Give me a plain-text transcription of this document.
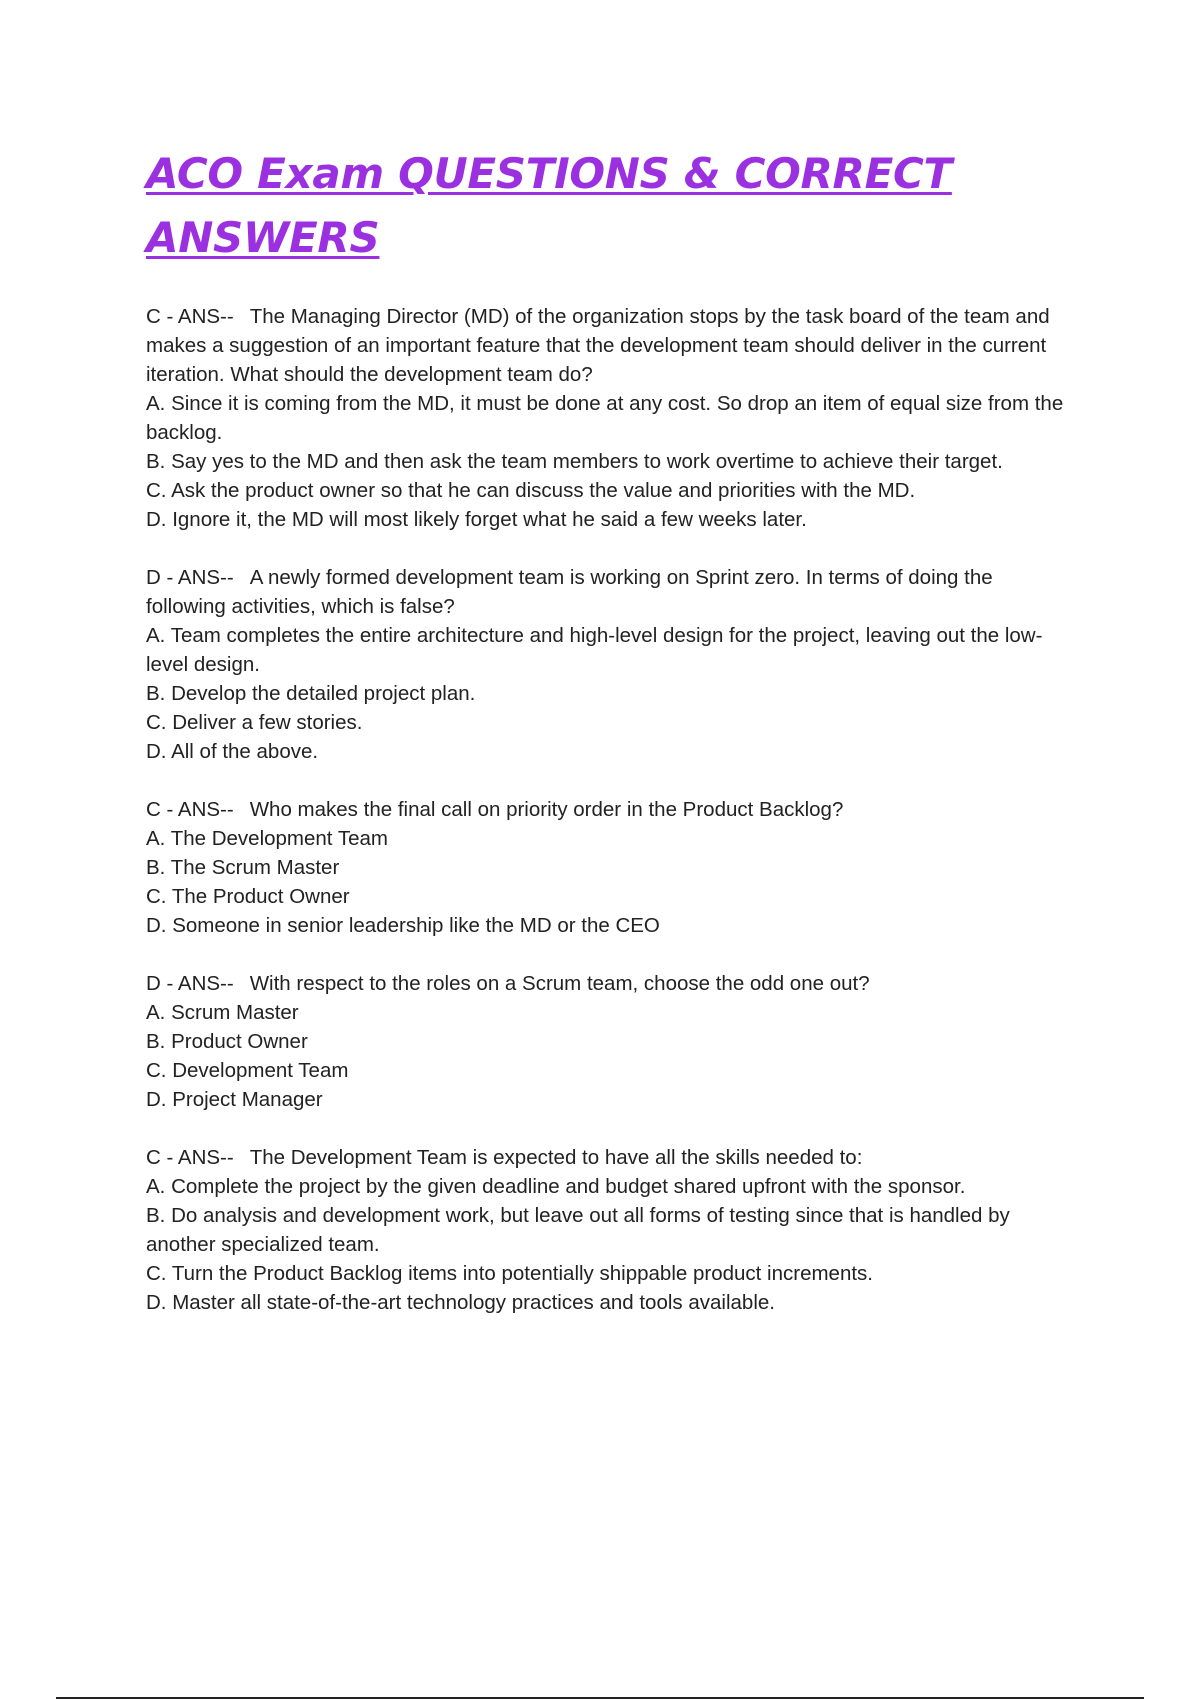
ACO Exam QUESTIONS & CORRECT ANSWERS

C - ANS-- The Managing Director (MD) of the organization stops by the task board of the team and makes a suggestion of an important feature that the development team should deliver in the current iteration. What should the development team do?

A. Since it is coming from the MD, it must be done at any cost. So drop an item of equal size from the backlog.

B. Say yes to the MD and then ask the team members to work overtime to achieve their target.

C. Ask the product owner so that he can discuss the value and priorities with the MD.

D. Ignore it, the MD will most likely forget what he said a few weeks later.

D - ANS-- A newly formed development team is working on Sprint zero. In terms of doing the following activities, which is false?

A. Team completes the entire architecture and high-level design for the project, leaving out the low-level design.

B. Develop the detailed project plan.

C. Deliver a few stories.

D. All of the above.

C - ANS-- Who makes the final call on priority order in the Product Backlog?

A. The Development Team

B. The Scrum Master

C. The Product Owner

D. Someone in senior leadership like the MD or the CEO

D - ANS-- With respect to the roles on a Scrum team, choose the odd one out?

A. Scrum Master

B. Product Owner

C. Development Team

D. Project Manager

C - ANS-- The Development Team is expected to have all the skills needed to:

A. Complete the project by the given deadline and budget shared upfront with the sponsor.

B. Do analysis and development work, but leave out all forms of testing since that is handled by another specialized team.

C. Turn the Product Backlog items into potentially shippable product increments.

D. Master all state-of-the-art technology practices and tools available.
